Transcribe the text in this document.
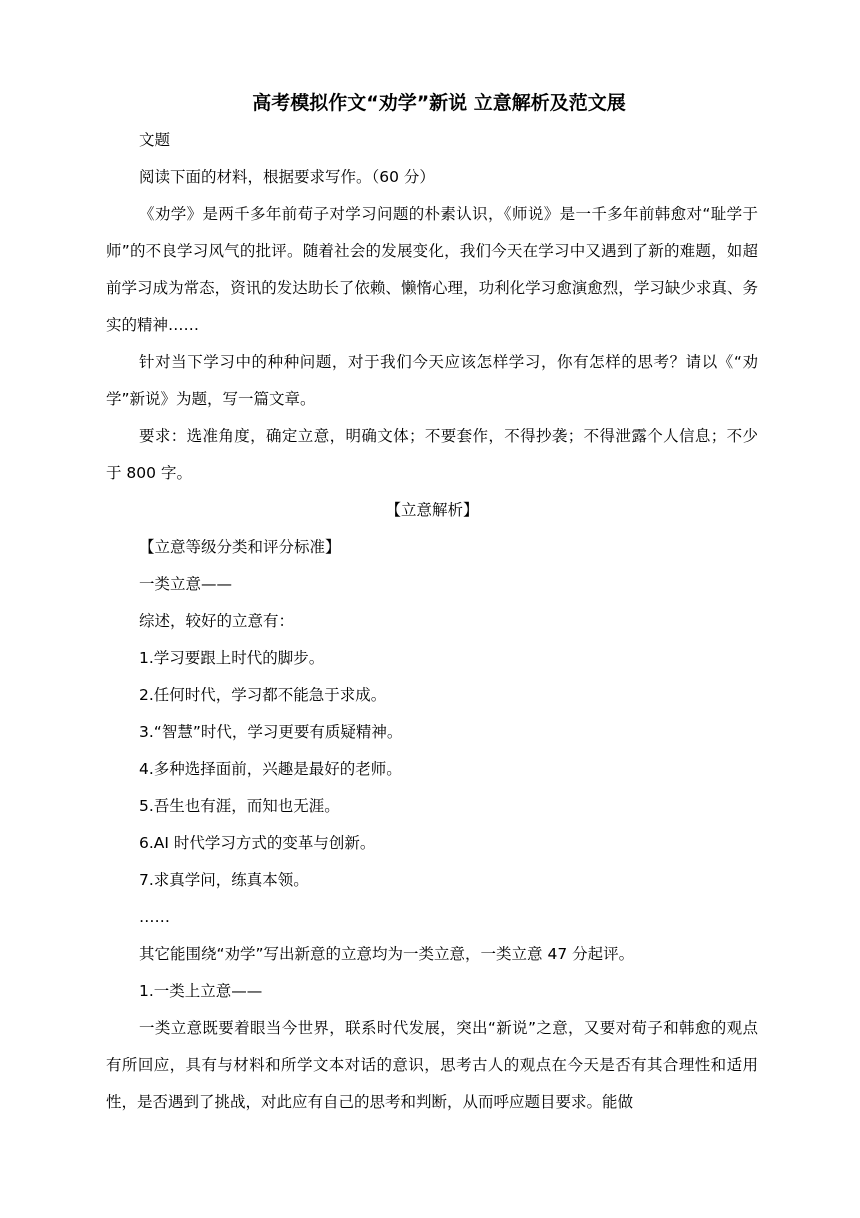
高考模拟作文“劝学”新说 立意解析及范文展

文题

阅读下面的材料，根据要求写作。（60 分）

《劝学》是两千多年前荀子对学习问题的朴素认识，《师说》是一千多年前韩愈对“耻学于师”的不良学习风气的批评。随着社会的发展变化，我们今天在学习中又遇到了新的难题，如超前学习成为常态，资讯的发达助长了依赖、懒惰心理，功利化学习愈演愈烈，学习缺少求真、务实的精神……

针对当下学习中的种种问题，对于我们今天应该怎样学习，你有怎样的思考？请以《“劝学”新说》为题，写一篇文章。

要求：选准角度，确定立意，明确文体；不要套作，不得抄袭；不得泄露个人信息；不少于 800 字。

【立意解析】

【立意等级分类和评分标准】

一类立意——

综述，较好的立意有：

1.学习要跟上时代的脚步。

2.任何时代，学习都不能急于求成。

3.“智慧”时代，学习更要有质疑精神。

4.多种选择面前，兴趣是最好的老师。

5.吾生也有涯，而知也无涯。

6.AI 时代学习方式的变革与创新。

7.求真学问，练真本领。

……

其它能围绕“劝学”写出新意的立意均为一类立意，一类立意 47 分起评。

1.一类上立意——

一类立意既要着眼当今世界，联系时代发展，突出“新说”之意，又要对荀子和韩愈的观点有所回应，具有与材料和所学文本对话的意识，思考古人的观点在今天是否有其合理性和适用性，是否遇到了挑战，对此应有自己的思考和判断，从而呼应题目要求。能做
